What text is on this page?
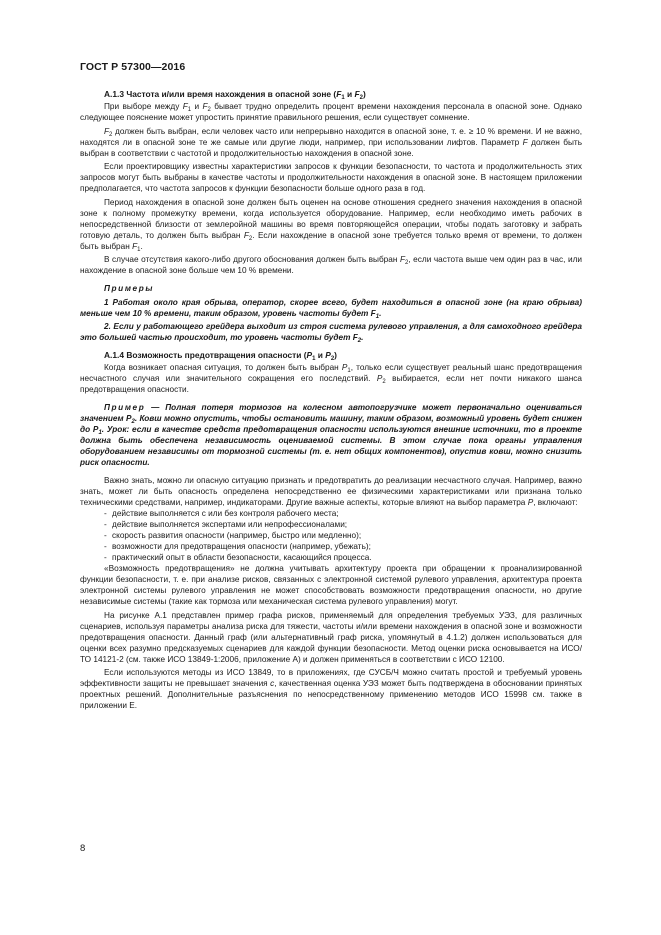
ГОСТ Р 57300—2016
А.1.3 Частота и/или время нахождения в опасной зоне ($F_1$ и $F_2$)

При выборе между $F_1$ и $F_2$ бывает трудно определить процент времени нахождения персонала в опасной зоне. Однако следующее пояснение может упростить принятие правильного решения, если существует сомнение.

$F_2$ должен быть выбран, если человек часто или непрерывно находится в опасной зоне, т. е. ≥ 10 % времени. И не важно, находятся ли в опасной зоне те же самые или другие люди, например, при использовании лифтов. Параметр F должен быть выбран в соответствии с частотой и продолжительностью нахождения в опасной зоне.

Если проектировщику известны характеристики запросов к функции безопасности, то частота и продолжительность этих запросов могут быть выбраны в качестве частоты и продолжительности нахождения в опасной зоне. В настоящем приложении предполагается, что частота запросов к функции безопасности больше одного раза в год.

Период нахождения в опасной зоне должен быть оценен на основе отношения среднего значения нахождения в опасной зоне к полному промежутку времени, когда используется оборудование. Например, если необходимо иметь рабочих в непосредственной близости от землеройной машины во время повторяющейся операции, чтобы подать заготовку и забрать готовую деталь, то должен быть выбран $F_2$. Если нахождение в опасной зоне требуется только время от времени, то должен быть выбран $F_1$.

В случае отсутствия какого-либо другого обоснования должен быть выбран $F_2$, если частота выше чем один раз в час, или нахождение в опасной зоне больше чем 10 % времени.

Примеры

1 Работая около края обрыва, оператор, скорее всего, будет находиться в опасной зоне (на краю обрыва) меньше чем 10 % времени, таким образом, уровень частоты будет $F_1$.

2. Если у работающего грейдера выходит из строя система рулевого управления, а для самоходного грейдера это большей частью происходит, то уровень частоты будет $F_2$.

А.1.4 Возможность предотвращения опасности ($P_1$ и $P_2$)

Когда возникает опасная ситуация, то должен быть выбран $P_1$, только если существует реальный шанс предотвращения несчастного случая или значительного сокращения его последствий. $P_2$ выбирается, если нет почти никакого шанса предотвращения опасности.

Пример — Полная потеря тормозов на колесном автопогрузчике может первоначально оцениваться значением $P_2$. Ковш можно опустить, чтобы остановить машину, таким образом, возможный уровень будет снижен до $P_1$. Урок: если в качестве средств предотвращения опасности используются внешние источники, то в проекте должна быть обеспечена независимость оцениваемой системы. В этом случае пока органы управления оборудованием независимы от тормозной системы (т. е. нет общих компонентов), опустив ковш, можно снизить риск опасности.

Важно знать, можно ли опасную ситуацию признать и предотвратить до реализации несчастного случая. Например, важно знать, может ли быть опасность определена непосредственно ее физическими характеристиками или признана только техническими средствами, например, индикаторами. Другие важные аспекты, которые влияют на выбор параметра P, включают:

- действие выполняется с или без контроля рабочего места;
- действие выполняется экспертами или непрофессионалами;
- скорость развития опасности (например, быстро или медленно);
- возможности для предотвращения опасности (например, убежать);
- практический опыт в области безопасности, касающийся процесса.

«Возможность предотвращения» не должна учитывать архитектуру проекта при обращении к проанализированной функции безопасности, т. е. при анализе рисков, связанных с электронной системой рулевого управления, архитектура проекта электронной системы рулевого управления не может способствовать возможности предотвращения опасности, но другие независимые системы (такие как тормоза или механическая система рулевого управления) могут.

На рисунке А.1 представлен пример графа рисков, применяемый для определения требуемых УЭЗ, для различных сценариев, используя параметры анализа риска для тяжести, частоты и/или времени нахождения в опасной зоне и возможности предотвращения опасности. Данный граф (или альтернативный граф риска, упомянутый в 4.1.2) должен использоваться для оценки всех разумно предсказуемых сценариев для каждой функции безопасности. Метод оценки риска основывается на ИСО/ТО 14121-2 (см. также ИСО 13849-1:2006, приложение А) и должен применяться в соответствии с ИСО 12100.

Если используются методы из ИСО 13849, то в приложениях, где СУСБ/Ч можно считать простой и требуемый уровень эффективности защиты не превышает значения c, качественная оценка УЭЗ может быть подтверждена в обосновании принятых проектных решений. Дополнительные разъяснения по непосредственному применению методов ИСО 15998 см. также в приложении Е.

8
